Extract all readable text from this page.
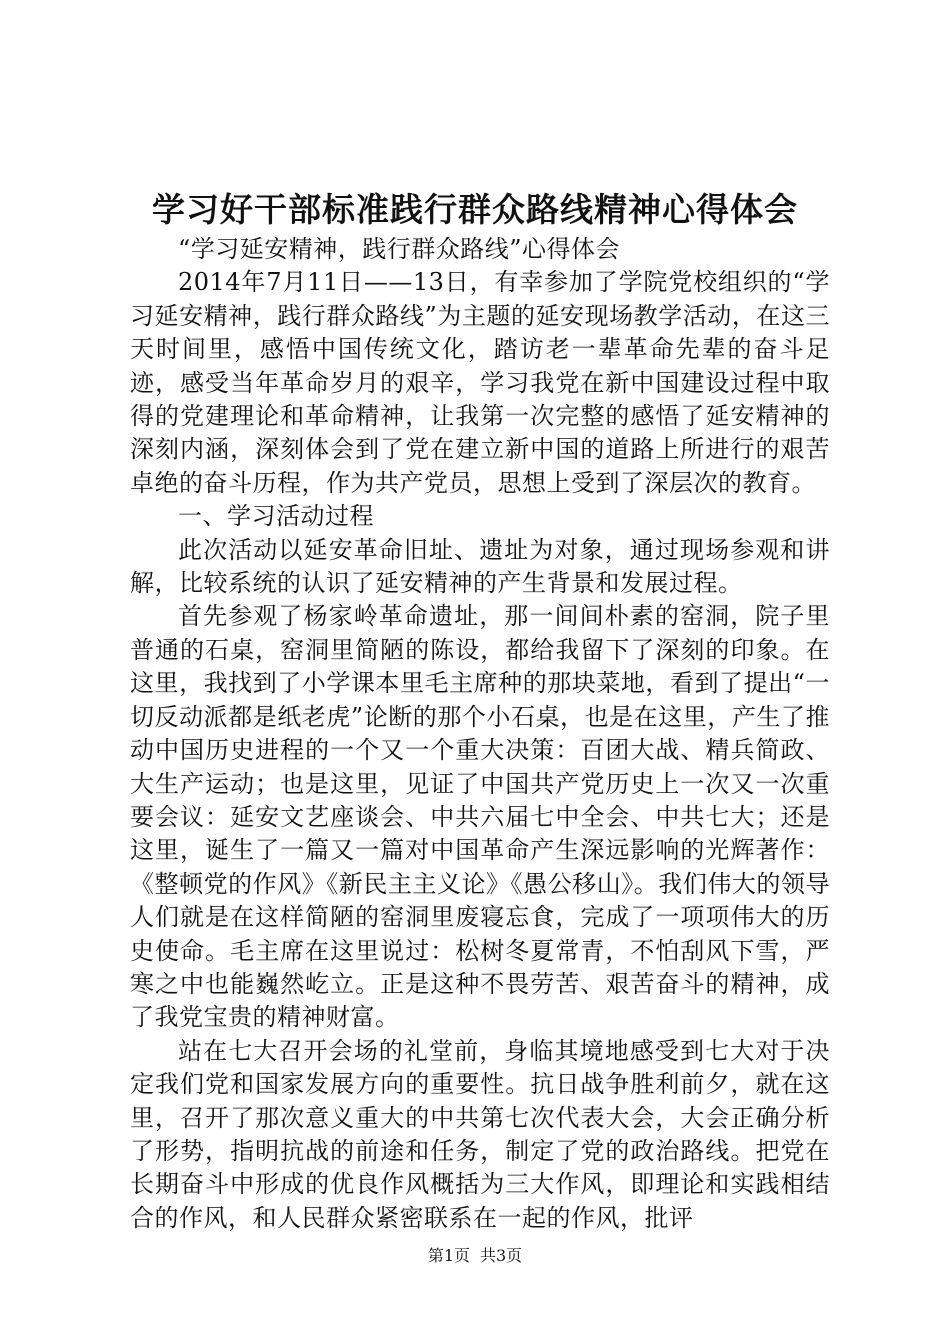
学习好干部标准践行群众路线精神心得体会

“学习延安精神，践行群众路线”心得体会

2014年7月11日——13日，有幸参加了学院党校组织的“学习延安精神，践行群众路线”为主题的延安现场教学活动，在这三天时间里，感悟中国传统文化，踏访老一辈革命先辈的奋斗足迹，感受当年革命岁月的艰辛，学习我党在新中国建设过程中取得的党建理论和革命精神，让我第一次完整的感悟了延安精神的深刻内涵，深刻体会到了党在建立新中国的道路上所进行的艰苦卓绝的奋斗历程，作为共产党员，思想上受到了深层次的教育。

一、学习活动过程

此次活动以延安革命旧址、遗址为对象，通过现场参观和讲解，比较系统的认识了延安精神的产生背景和发展过程。

首先参观了杨家岭革命遗址，那一间间朴素的窑洞，院子里普通的石桌，窑洞里简陋的陈设，都给我留下了深刻的印象。在这里，我找到了小学课本里毛主席种的那块菜地，看到了提出“一切反动派都是纸老虎”论断的那个小石桌，也是在这里，产生了推动中国历史进程的一个又一个重大决策：百团大战、精兵简政、大生产运动；也是这里，见证了中国共产党历史上一次又一次重要会议：延安文艺座谈会、中共六届七中全会、中共七大；还是这里，诞生了一篇又一篇对中国革命产生深远影响的光辉著作：《整顿党的作风》《新民主主义论》《愚公移山》。我们伟大的领导人们就是在这样简陋的窑洞里废寝忘食，完成了一项项伟大的历史使命。毛主席在这里说过：松树冬夏常青，不怕刮风下雪，严寒之中也能巍然屹立。正是这种不畏劳苦、艰苦奋斗的精神，成了我党宝贵的精神财富。

站在七大召开会场的礼堂前，身临其境地感受到七大对于决定我们党和国家发展方向的重要性。抗日战争胜利前夕，就在这里，召开了那次意义重大的中共第七次代表大会，大会正确分析了形势，指明抗战的前途和任务，制定了党的政治路线。把党在长期奋斗中形成的优良作风概括为三大作风，即理论和实践相结合的作风，和人民群众紧密联系在一起的作风，批评

第1页 共3页
